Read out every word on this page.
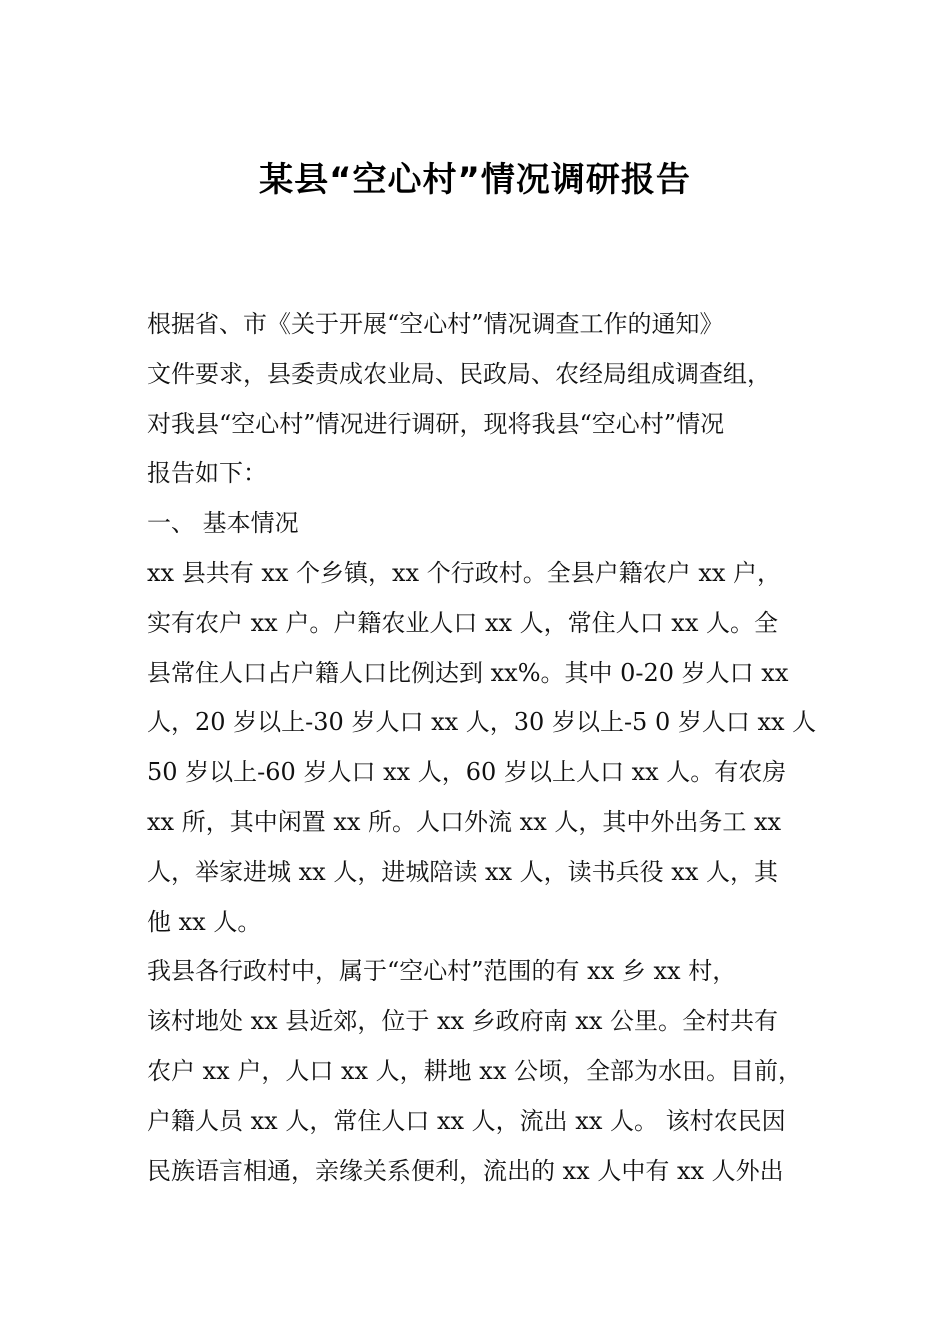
某县“空心村”情况调研报告
根据省、市《关于开展“空心村”情况调查工作的通知》
文件要求，县委责成农业局、民政局、农经局组成调查组，
对我县“空心村”情况进行调研，现将我县“空心村”情况
报告如下：
一、 基本情况
xx 县共有 xx 个乡镇，xx 个行政村。全县户籍农户 xx 户，
实有农户 xx 户。户籍农业人口 xx 人，常住人口 xx 人。全
县常住人口占户籍人口比例达到 xx%。其中 0-20 岁人口 xx
人，20 岁以上-30 岁人口 xx 人，30 岁以上-5 0 岁人口 xx 人
50 岁以上-60 岁人口 xx 人，60 岁以上人口 xx 人。有农房
xx 所，其中闲置 xx 所。人口外流 xx 人，其中外出务工 xx
人，举家进城 xx 人，进城陪读 xx 人，读书兵役 xx 人，其
他 xx 人。
我县各行政村中，属于“空心村”范围的有 xx 乡 xx 村，
该村地处 xx 县近郊，位于 xx 乡政府南 xx 公里。全村共有
农户 xx 户，人口 xx 人，耕地 xx 公顷，全部为水田。目前，
户籍人员 xx 人，常住人口 xx 人，流出 xx 人。 该村农民因
民族语言相通，亲缘关系便利，流出的 xx 人中有 xx 人外出
